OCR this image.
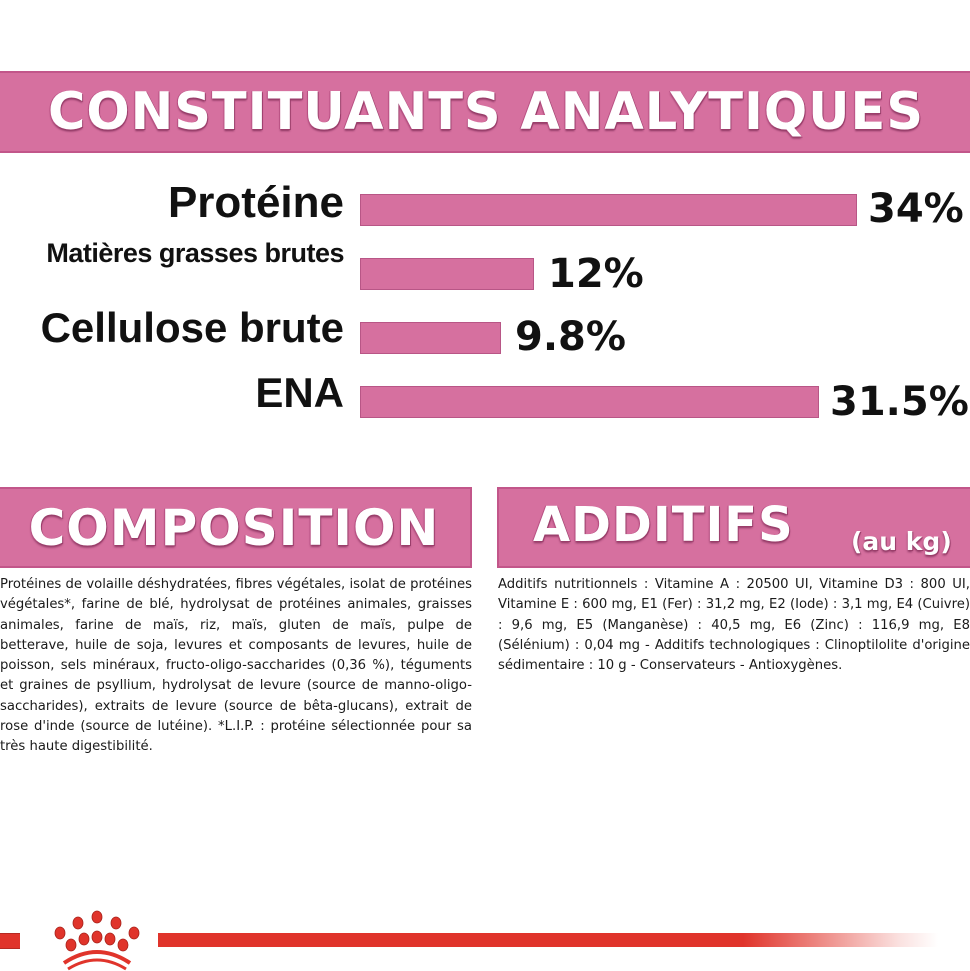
CONSTITUANTS ANALYTIQUES
Protéine	34%
Matières grasses brutes	12%
Cellulose brute	9.8%
ENA	31.5%
COMPOSITION
Protéines de volaille déshydratées, fibres végétales, isolat de protéines végétales*, farine de blé, hydrolysat de protéines animales, graisses animales, farine de maïs, riz, maïs, gluten de maïs, pulpe de betterave, huile de soja, levures et composants de levures, huile de poisson, sels minéraux, fructo-oligo-saccharides (0,36 %), téguments et graines de psyllium, hydrolysat de levure (source de manno-oligo-saccharides), extraits de levure (source de bêta-glucans), extrait de rose d'inde (source de lutéine). *L.I.P. : protéine sélectionnée pour sa très haute digestibilité.
ADDITIFS (au kg)
Additifs nutritionnels : Vitamine A : 20500 UI, Vitamine D3 : 800 UI, Vitamine E : 600 mg, E1 (Fer) : 31,2 mg, E2 (Iode) : 3,1 mg, E4 (Cuivre) : 9,6 mg, E5 (Manganèse) : 40,5 mg, E6 (Zinc) : 116,9 mg, E8 (Sélénium) : 0,04 mg - Additifs technologiques : Clinoptilolite d'origine sédimentaire : 10 g - Conservateurs - Antioxygènes.
